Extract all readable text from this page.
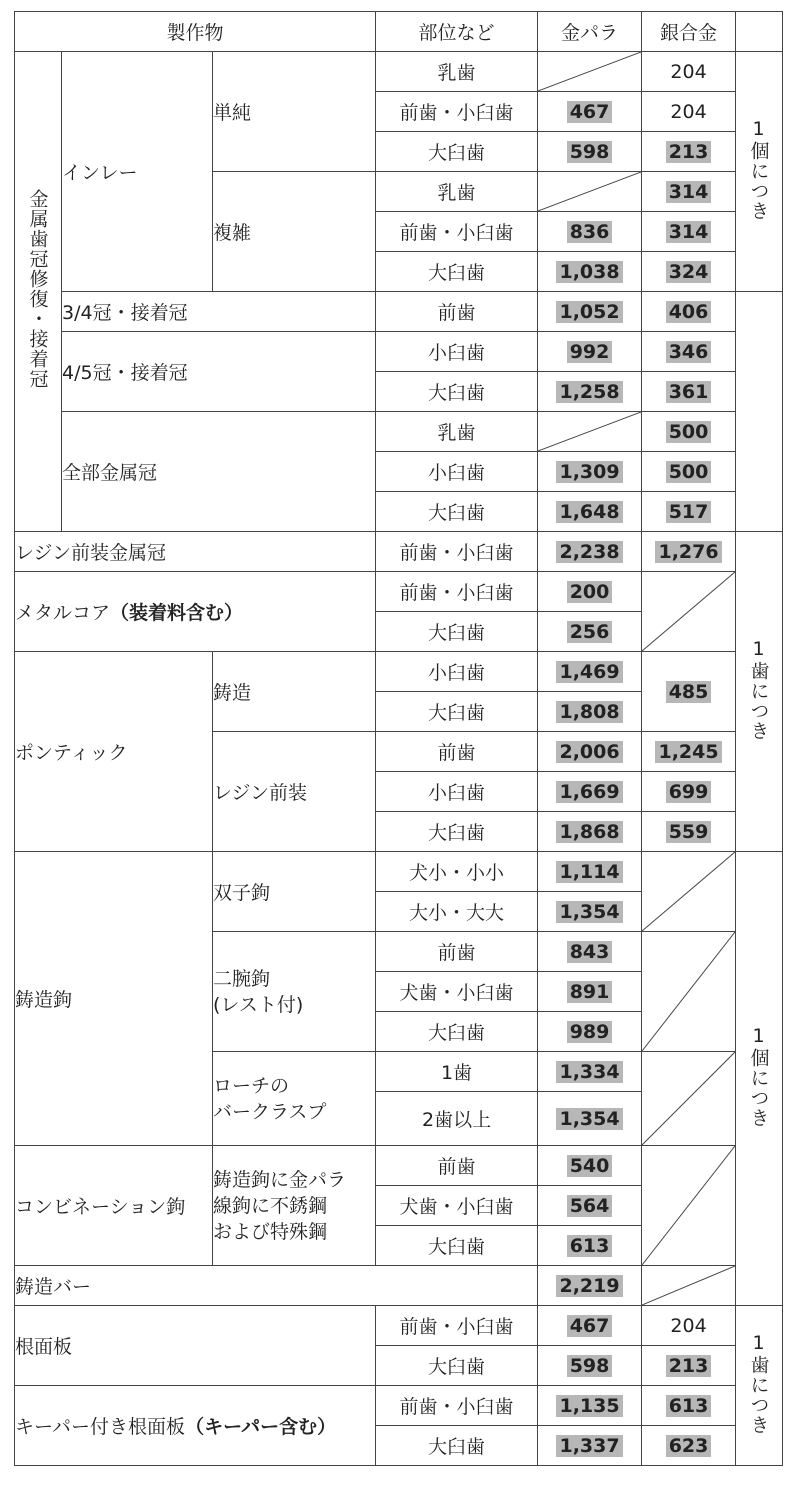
製作物			部位など	金パラ	銀合金	
金属歯冠修復・接着冠	インレー	単純	乳歯		204	1個につき
			前歯・小臼歯	467	204	
			大臼歯	598	213	
		複雑	乳歯		314	
			前歯・小臼歯	836	314	
			大臼歯	1,038	324	
	3/4冠・接着冠		前歯	1,052	406	
	4/5冠・接着冠		小臼歯	992	346	
			大臼歯	1,258	361	
	全部金属冠		乳歯		500	
			小臼歯	1,309	500	
			大臼歯	1,648	517	
レジン前装金属冠			前歯・小臼歯	2,238	1,276	1歯につき
メタルコア（装着料含む）			前歯・小臼歯	200	

			大臼歯	256		
ポンティック		鋳造	小臼歯	1,469	485	
			大臼歯	1,808		
		レジン前装	前歯	2,006	1,245	
			小臼歯	1,669	699	
			大臼歯	1,868	559	
鋳造鉤		双子鉤	犬小・小小	1,114		1個につき
			大小・大大	1,354		

		二腕鉤
(レスト付)	前歯	843	

			犬歯・小臼歯	891		
			大臼歯	989		

		ローチの
バークラスプ	1歯	1,334	

			2歯以上	1,354		
コンビネーション鉤		鋳造鉤に金パラ
線鉤に不銹鋼
および特殊鋼	前歯	540	

			犬歯・小臼歯	564		
			大臼歯	613		
鋳造バー				2,219	

根面板			前歯・小臼歯	467	204	1歯につき
			大臼歯	598	213	
キーパー付き根面板（キーパー含む）			前歯・小臼歯	1,135	613	
			大臼歯	1,337	623	
